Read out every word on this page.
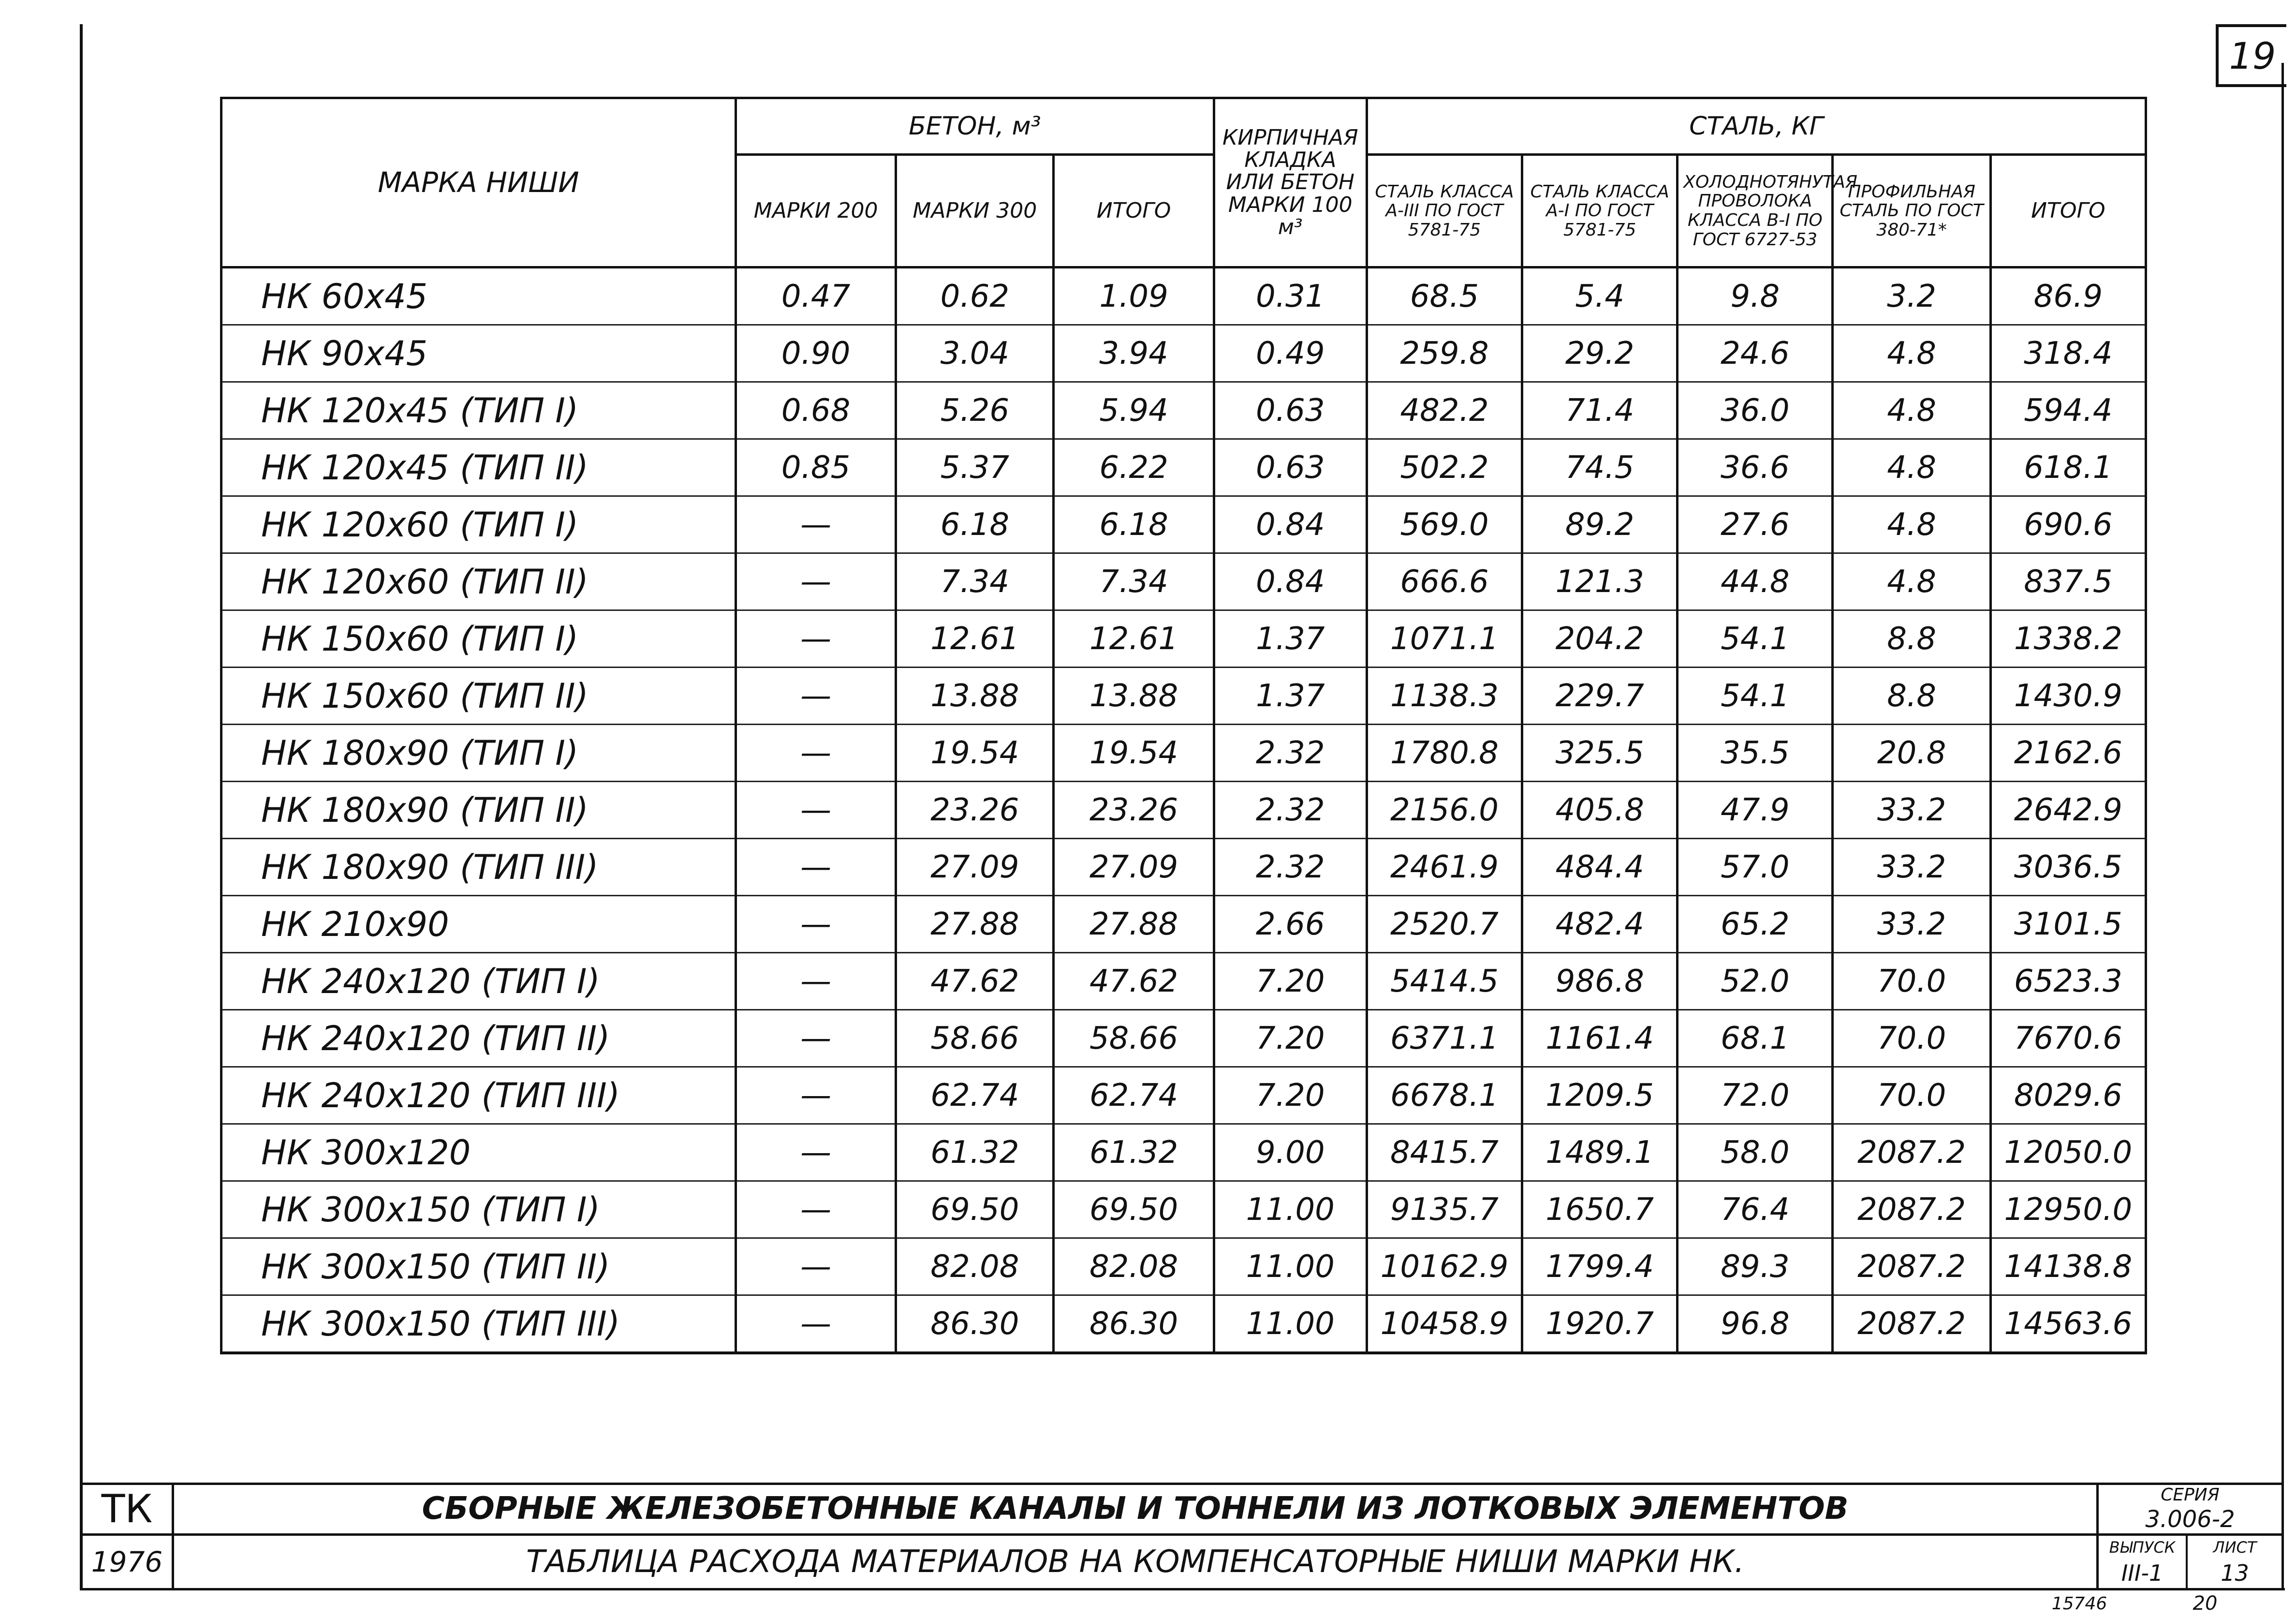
19
МАРКА НИШИ	БЕТОН, м³			КИРПИЧНАЯ КЛАДКА ИЛИ БЕТОН МАРКИ 100 м³	СТАЛЬ, КГ				
	МАРКИ 200	МАРКИ 300	ИТОГО		СТАЛЬ КЛАССА А-III ПО ГОСТ 5781-75	СТАЛЬ КЛАССА А-I ПО ГОСТ 5781-75	ХОЛОДНОТЯНУТАЯ ПРОВОЛОКА КЛАССА В-I ПО ГОСТ 6727-53	ПРОФИЛЬНАЯ СТАЛЬ ПО ГОСТ 380-71*	ИТОГО
НК 60х45	0.47	0.62	1.09	0.31	68.5	5.4	9.8	3.2	86.9
НК 90х45	0.90	3.04	3.94	0.49	259.8	29.2	24.6	4.8	318.4
НК 120х45 (ТИП I)	0.68	5.26	5.94	0.63	482.2	71.4	36.0	4.8	594.4
НК 120х45 (ТИП II)	0.85	5.37	6.22	0.63	502.2	74.5	36.6	4.8	618.1
НК 120х60 (ТИП I)	—	6.18	6.18	0.84	569.0	89.2	27.6	4.8	690.6
НК 120х60 (ТИП II)	—	7.34	7.34	0.84	666.6	121.3	44.8	4.8	837.5
НК 150х60 (ТИП I)	—	12.61	12.61	1.37	1071.1	204.2	54.1	8.8	1338.2
НК 150х60 (ТИП II)	—	13.88	13.88	1.37	1138.3	229.7	54.1	8.8	1430.9
НК 180х90 (ТИП I)	—	19.54	19.54	2.32	1780.8	325.5	35.5	20.8	2162.6
НК 180х90 (ТИП II)	—	23.26	23.26	2.32	2156.0	405.8	47.9	33.2	2642.9
НК 180х90 (ТИП III)	—	27.09	27.09	2.32	2461.9	484.4	57.0	33.2	3036.5
НК 210х90	—	27.88	27.88	2.66	2520.7	482.4	65.2	33.2	3101.5
НК 240х120 (ТИП I)	—	47.62	47.62	7.20	5414.5	986.8	52.0	70.0	6523.3
НК 240х120 (ТИП II)	—	58.66	58.66	7.20	6371.1	1161.4	68.1	70.0	7670.6
НК 240х120 (ТИП III)	—	62.74	62.74	7.20	6678.1	1209.5	72.0	70.0	8029.6
НК 300х120	—	61.32	61.32	9.00	8415.7	1489.1	58.0	2087.2	12050.0
НК 300х150 (ТИП I)	—	69.50	69.50	11.00	9135.7	1650.7	76.4	2087.2	12950.0
НК 300х150 (ТИП II)	—	82.08	82.08	11.00	10162.9	1799.4	89.3	2087.2	14138.8
НК 300х150 (ТИП III)	—	86.30	86.30	11.00	10458.9	1920.7	96.8	2087.2	14563.6
ТК
1976
СБОРНЫЕ ЖЕЛЕЗОБЕТОННЫЕ КАНАЛЫ И ТОННЕЛИ ИЗ ЛОТКОВЫХ ЭЛЕМЕНТОВ
ТАБЛИЦА РАСХОДА МАТЕРИАЛОВ НА КОМПЕНСАТОРНЫЕ НИШИ МАРКИ НК.
СЕРИЯ
3.006-2
ВЫПУСК
III-1
ЛИСТ
13
15746	20
